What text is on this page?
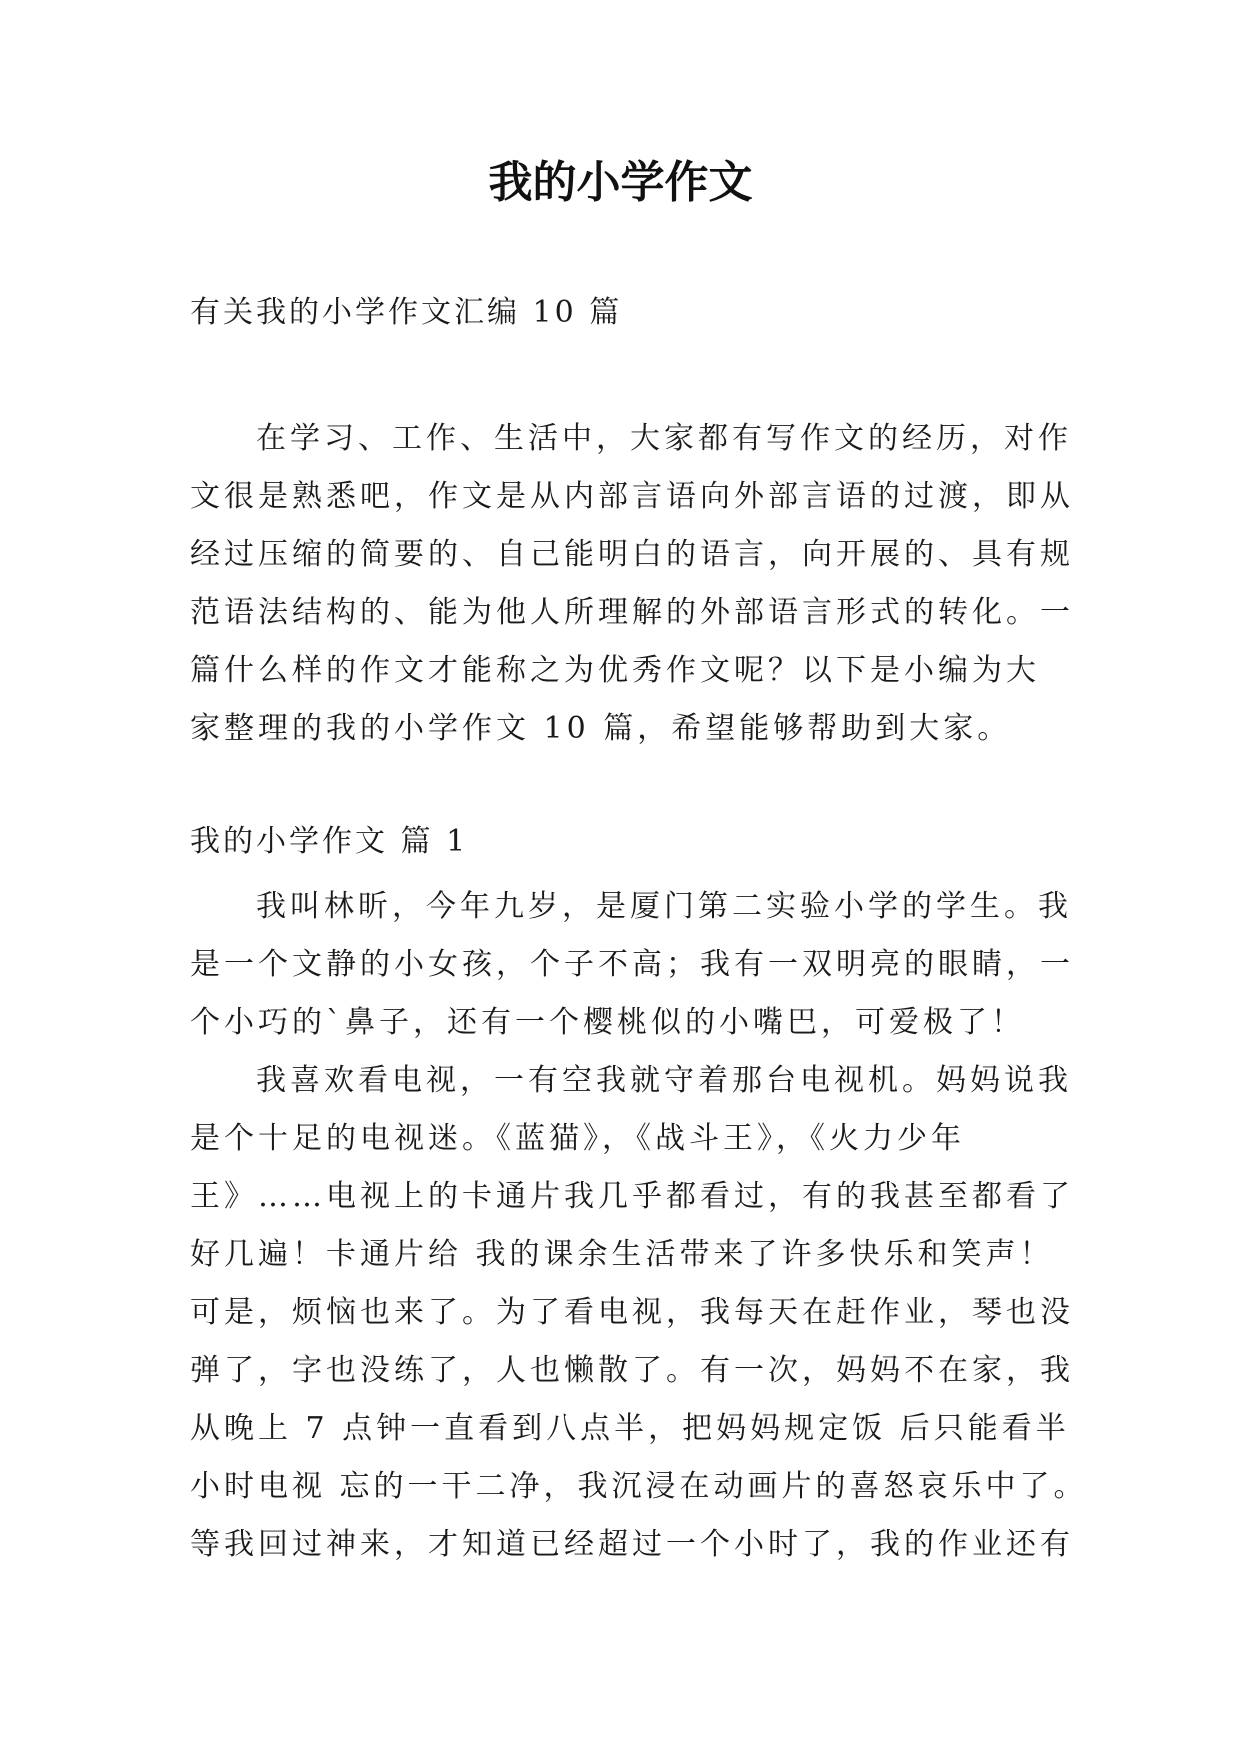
我的小学作文
有关我的小学作文汇编 10 篇
在学习、工作、生活中，大家都有写作文的经历，对作
文很是熟悉吧，作文是从内部言语向外部言语的过渡，即从
经过压缩的简要的、自己能明白的语言，向开展的、具有规
范语法结构的、能为他人所理解的外部语言形式的转化。一
篇什么样的作文才能称之为优秀作文呢？以下是小编为大
家整理的我的小学作文 10 篇，希望能够帮助到大家。
我的小学作文 篇 1
我叫林昕，今年九岁，是厦门第二实验小学的学生。我
是一个文静的小女孩，个子不高；我有一双明亮的眼睛，一
个小巧的`鼻子，还有一个樱桃似的小嘴巴，可爱极了！
我喜欢看电视，一有空我就守着那台电视机。妈妈说我
是个十足的电视迷。《蓝猫》，《战斗王》，《火力少年
王》……电视上的卡通片我几乎都看过，有的我甚至都看了
好几遍！卡通片给 我的课余生活带来了许多快乐和笑声！
可是，烦恼也来了。为了看电视，我每天在赶作业，琴也没
弹了，字也没练了，人也懒散了。有一次，妈妈不在家，我
从晚上 7 点钟一直看到八点半，把妈妈规定饭 后只能看半
小时电视 忘的一干二净，我沉浸在动画片的喜怒哀乐中了。
等我回过神来，才知道已经超过一个小时了，我的作业还有
